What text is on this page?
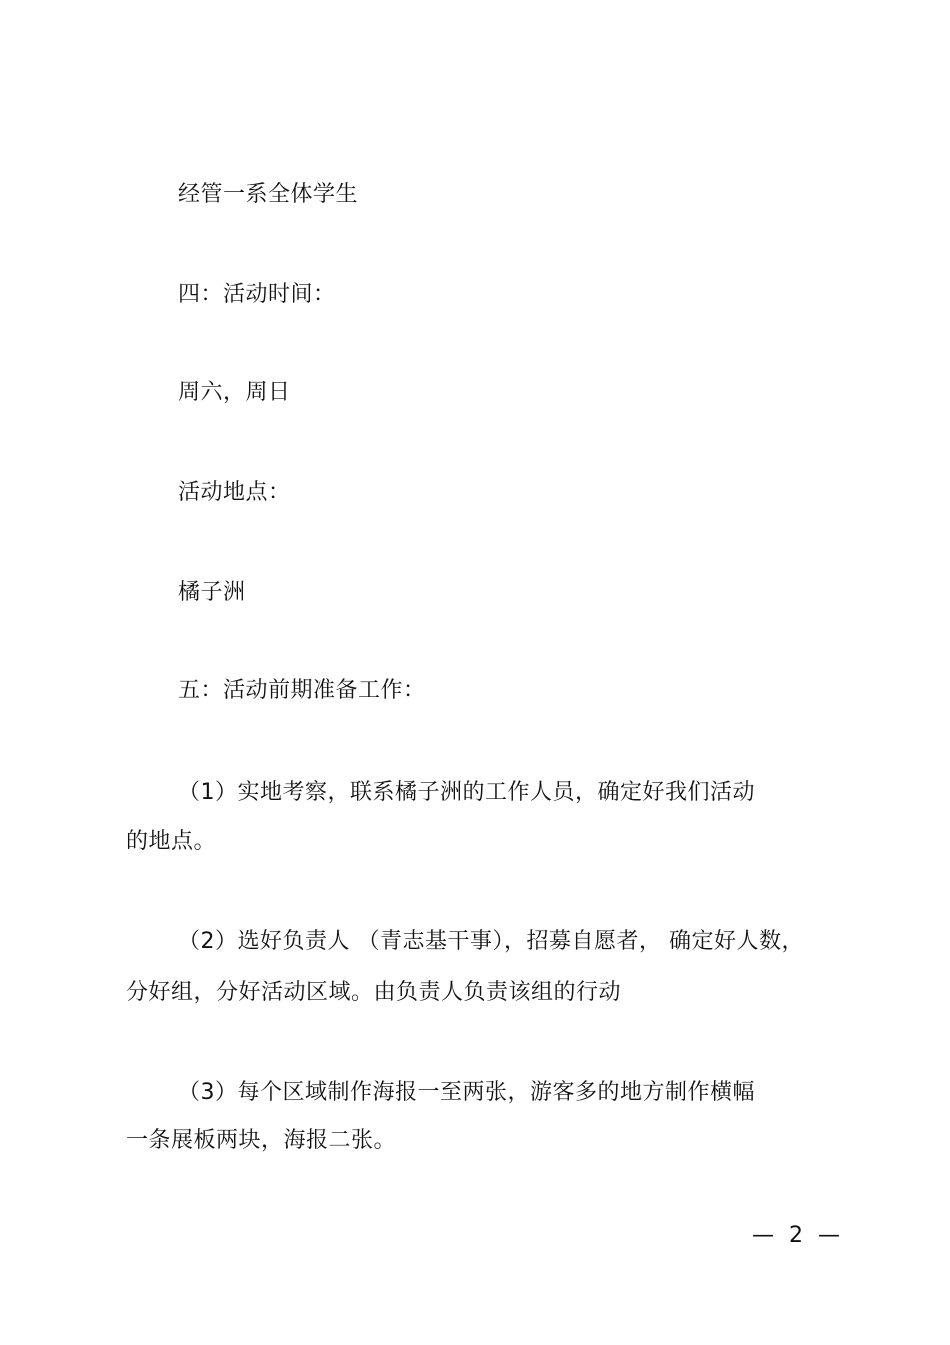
经管一系全体学生
四：活动时间：
周六，周日
活动地点：
橘子洲
五：活动前期准备工作：
（1）实地考察，联系橘子洲的工作人员，确定好我们活动
的地点。
（2）选好负责人 （青志基干事），招募自愿者， 确定好人数，
分好组，分好活动区域。由负责人负责该组的行动
（3）每个区域制作海报一至两张，游客多的地方制作横幅
一条展板两块，海报二张。
— 2 —
